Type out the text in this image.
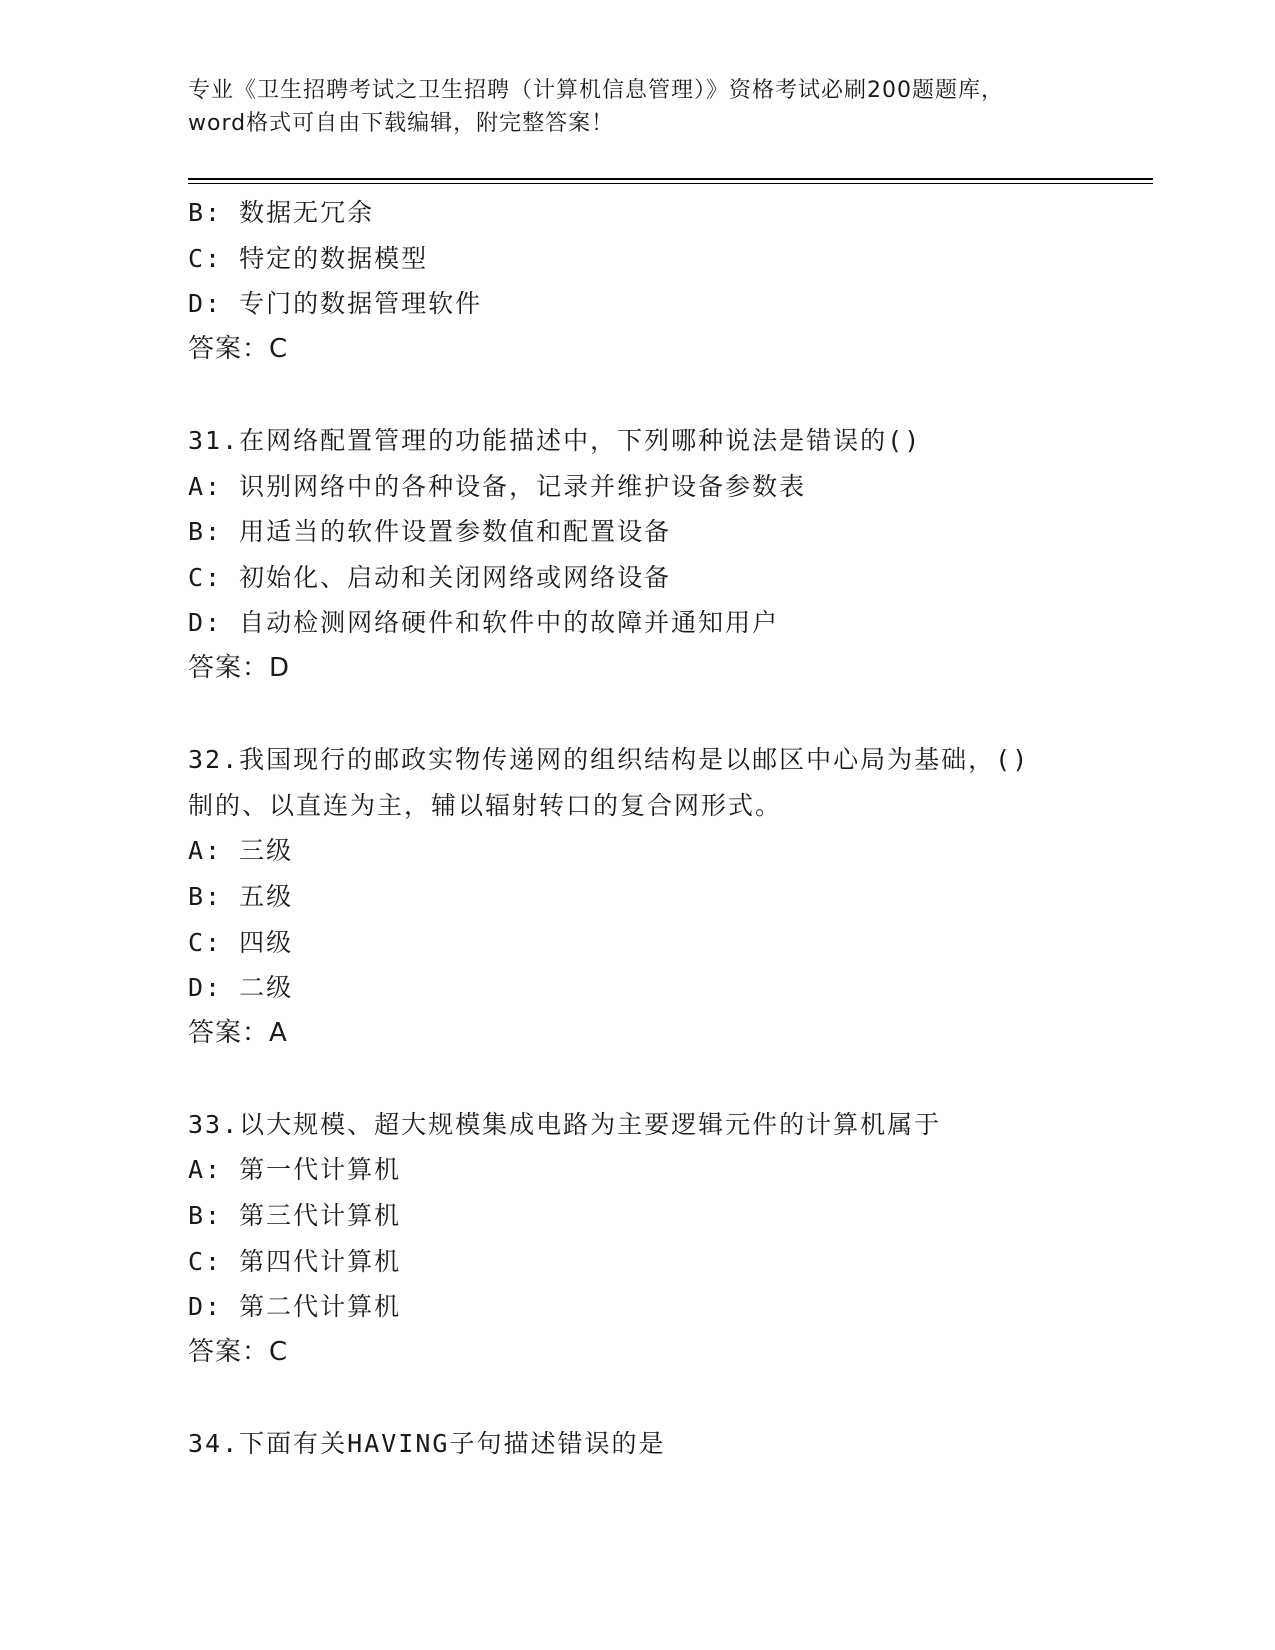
专业《卫生招聘考试之卫生招聘（计算机信息管理）》资格考试必刷200题题库，
word格式可自由下载编辑，附完整答案！
B: 数据无冗余
C: 特定的数据模型
D: 专门的数据管理软件
答案：C
31.在网络配置管理的功能描述中，下列哪种说法是错误的()
A: 识别网络中的各种设备，记录并维护设备参数表
B: 用适当的软件设置参数值和配置设备
C: 初始化、启动和关闭网络或网络设备
D: 自动检测网络硬件和软件中的故障并通知用户
答案：D
32.我国现行的邮政实物传递网的组织结构是以邮区中心局为基础，()
制的、以直连为主，辅以辐射转口的复合网形式。
A: 三级
B: 五级
C: 四级
D: 二级
答案：A
33.以大规模、超大规模集成电路为主要逻辑元件的计算机属于
A: 第一代计算机
B: 第三代计算机
C: 第四代计算机
D: 第二代计算机
答案：C
34.下面有关HAVING子句描述错误的是
